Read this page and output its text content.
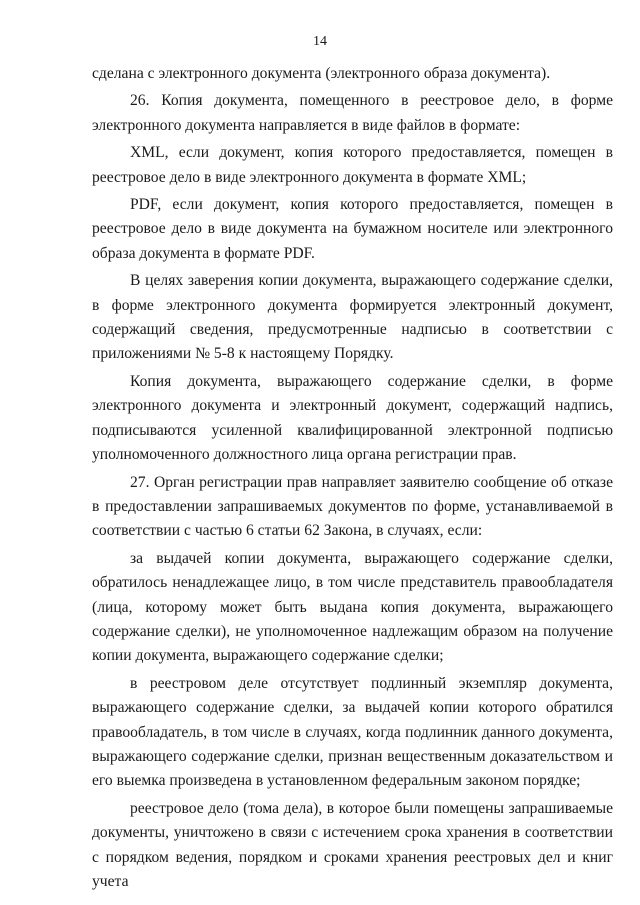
14

сделана с электронного документа (электронного образа документа).

26. Копия документа, помещенного в реестровое дело, в форме электронного документа направляется в виде файлов в формате:

XML, если документ, копия которого предоставляется, помещен в реестровое дело в виде электронного документа в формате XML;

PDF, если документ, копия которого предоставляется, помещен в реестровое дело в виде документа на бумажном носителе или электронного образа документа в формате PDF.

В целях заверения копии документа, выражающего содержание сделки, в форме электронного документа формируется электронный документ, содержащий сведения, предусмотренные надписью в соответствии с приложениями № 5-8 к настоящему Порядку.

Копия документа, выражающего содержание сделки, в форме электронного документа и электронный документ, содержащий надпись, подписываются усиленной квалифицированной электронной подписью уполномоченного должностного лица органа регистрации прав.

27. Орган регистрации прав направляет заявителю сообщение об отказе в предоставлении запрашиваемых документов по форме, устанавливаемой в соответствии с частью 6 статьи 62 Закона, в случаях, если:

за выдачей копии документа, выражающего содержание сделки, обратилось ненадлежащее лицо, в том числе представитель правообладателя (лица, которому может быть выдана копия документа, выражающего содержание сделки), не уполномоченное надлежащим образом на получение копии документа, выражающего содержание сделки;

в реестровом деле отсутствует подлинный экземпляр документа, выражающего содержание сделки, за выдачей копии которого обратился правообладатель, в том числе в случаях, когда подлинник данного документа, выражающего содержание сделки, признан вещественным доказательством и его выемка произведена в установленном федеральным законом порядке;

реестровое дело (тома дела), в которое были помещены запрашиваемые документы, уничтожено в связи с истечением срока хранения в соответствии с порядком ведения, порядком и сроками хранения реестровых дел и книг учета
